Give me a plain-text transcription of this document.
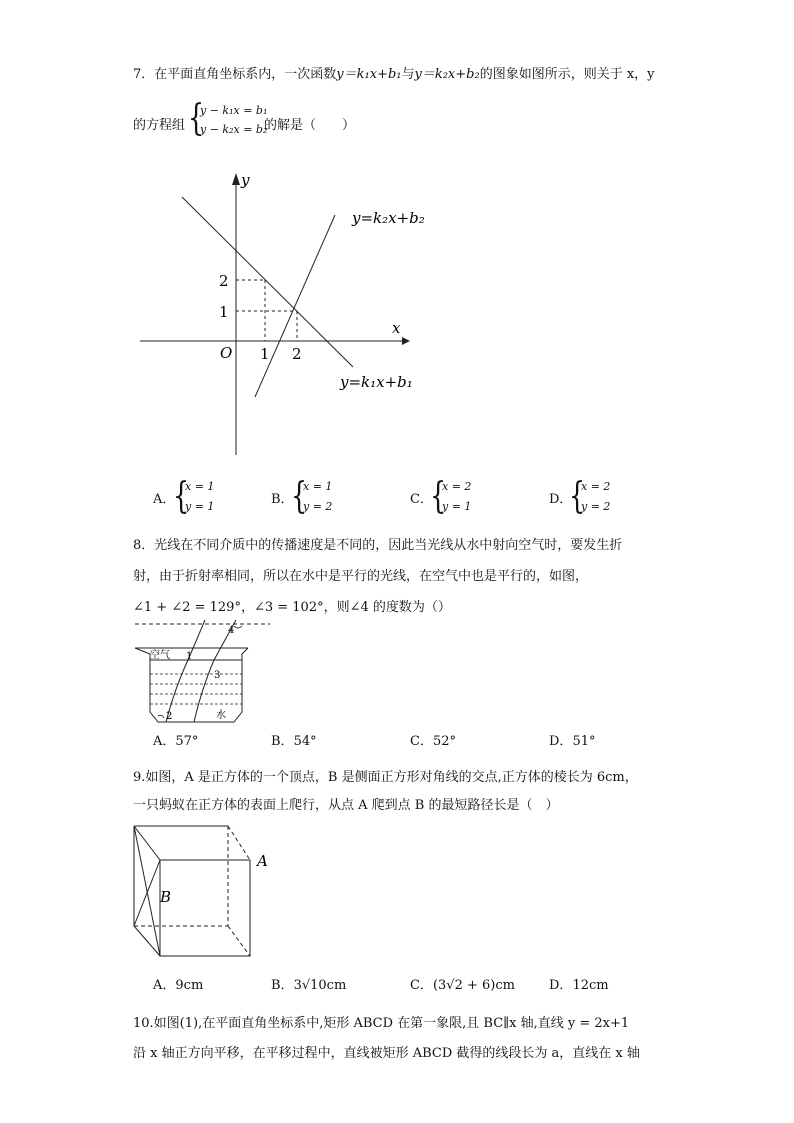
7．在平面直角坐标系内，一次函数y＝k₁x+b₁与y＝k₂x+b₂的图象如图所示，则关于 x，y
的方程组 {
y − k₁x = b₁
y − k₂x = b₂
的解是（　　）
y
x
O
2
1
1 2
y=k₂x+b₂
y=k₁x+b₁
A．
{
x = 1
y = 1	B．
{
x = 1
y = 2	C．
{
x = 2
y = 1	D．
{
x = 2
y = 2
8．光线在不同介质中的传播速度是不同的，因此当光线从水中射向空气时，要发生折
射，由于折射率相同，所以在水中是平行的光线，在空气中也是平行的，如图，
∠1 + ∠2 = 129°，∠3 = 102°，则∠4 的度数为（）
空气 1
2
3
4
水
A．57°	B．54°	C．52°	D．51°
9.如图，A 是正方体的一个顶点，B 是侧面正方形对角线的交点,正方体的棱长为 6cm，
一只蚂蚁在正方体的表面上爬行，从点 A 爬到点 B 的最短路径长是（　）
A
B
A．9cm	B．3√10cm	C．(3√2 + 6)cm	D．12cm
10.如图(1),在平面直角坐标系中,矩形 ABCD 在第一象限,且 BC∥x 轴,直线 y = 2x+1
沿 x 轴正方向平移，在平移过程中，直线被矩形 ABCD 截得的线段长为 a，直线在 x 轴
